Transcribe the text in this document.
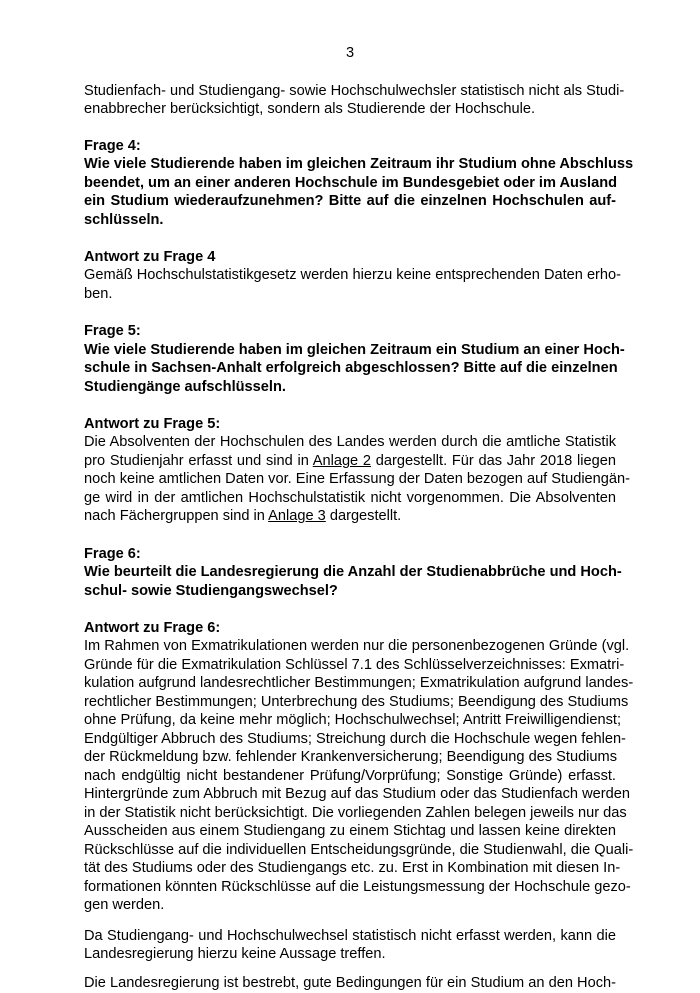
3
Studienfach- und Studiengang- sowie Hochschulwechsler statistisch nicht als Studi-
enabbrecher berücksichtigt, sondern als Studierende der Hochschule.
Frage 4:
Wie viele Studierende haben im gleichen Zeitraum ihr Studium ohne Abschluss
beendet, um an einer anderen Hochschule im Bundesgebiet oder im Ausland
ein Studium wiederaufzunehmen? Bitte auf die einzelnen Hochschulen auf-
schlüsseln.
Antwort zu Frage 4
Gemäß Hochschulstatistikgesetz werden hierzu keine entsprechenden Daten erho-
ben.
Frage 5:
Wie viele Studierende haben im gleichen Zeitraum ein Studium an einer Hoch-
schule in Sachsen-Anhalt erfolgreich abgeschlossen? Bitte auf die einzelnen
Studiengänge aufschlüsseln.
Antwort zu Frage 5:
Die Absolventen der Hochschulen des Landes werden durch die amtliche Statistik
pro Studienjahr erfasst und sind in Anlage 2 dargestellt. Für das Jahr 2018 liegen
noch keine amtlichen Daten vor. Eine Erfassung der Daten bezogen auf Studiengän-
ge wird in der amtlichen Hochschulstatistik nicht vorgenommen. Die Absolventen
nach Fächergruppen sind in Anlage 3 dargestellt.
Frage 6:
Wie beurteilt die Landesregierung die Anzahl der Studienabbrüche und Hoch-
schul- sowie Studiengangswechsel?
Antwort zu Frage 6:
Im Rahmen von Exmatrikulationen werden nur die personenbezogenen Gründe (vgl.
Gründe für die Exmatrikulation Schlüssel 7.1 des Schlüsselverzeichnisses: Exmatri-
kulation aufgrund landesrechtlicher Bestimmungen; Exmatrikulation aufgrund landes-
rechtlicher Bestimmungen; Unterbrechung des Studiums; Beendigung des Studiums
ohne Prüfung, da keine mehr möglich; Hochschulwechsel; Antritt Freiwilligendienst;
Endgültiger Abbruch des Studiums; Streichung durch die Hochschule wegen fehlen-
der Rückmeldung bzw. fehlender Krankenversicherung; Beendigung des Studiums
nach endgültig nicht bestandener Prüfung/Vorprüfung; Sonstige Gründe) erfasst.
Hintergründe zum Abbruch mit Bezug auf das Studium oder das Studienfach werden
in der Statistik nicht berücksichtigt. Die vorliegenden Zahlen belegen jeweils nur das
Ausscheiden aus einem Studiengang zu einem Stichtag und lassen keine direkten
Rückschlüsse auf die individuellen Entscheidungsgründe, die Studienwahl, die Quali-
tät des Studiums oder des Studiengangs etc. zu. Erst in Kombination mit diesen In-
formationen könnten Rückschlüsse auf die Leistungsmessung der Hochschule gezo-
gen werden.
Da Studiengang- und Hochschulwechsel statistisch nicht erfasst werden, kann die
Landesregierung hierzu keine Aussage treffen.
Die Landesregierung ist bestrebt, gute Bedingungen für ein Studium an den Hoch-
